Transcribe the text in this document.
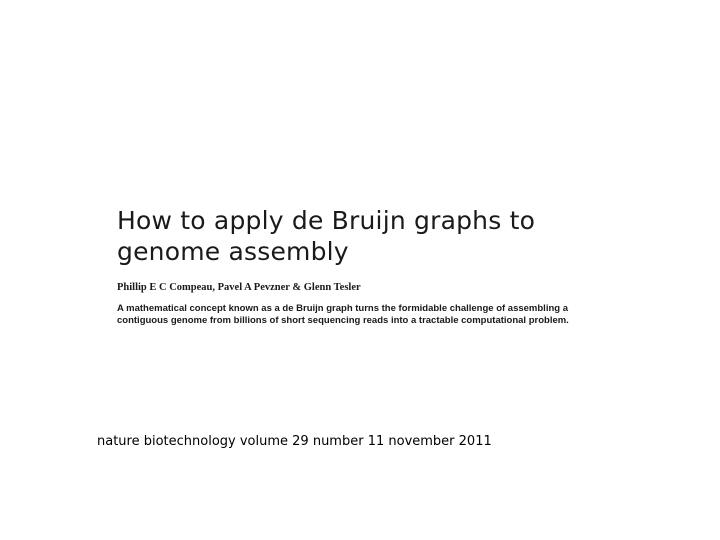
How to apply de Bruijn graphs to genome assembly

Phillip E C Compeau, Pavel A Pevzner & Glenn Tesler

A mathematical concept known as a de Bruijn graph turns the formidable challenge of assembling a contiguous genome from billions of short sequencing reads into a tractable computational problem.

nature biotechnology volume 29 number 11 november 2011
